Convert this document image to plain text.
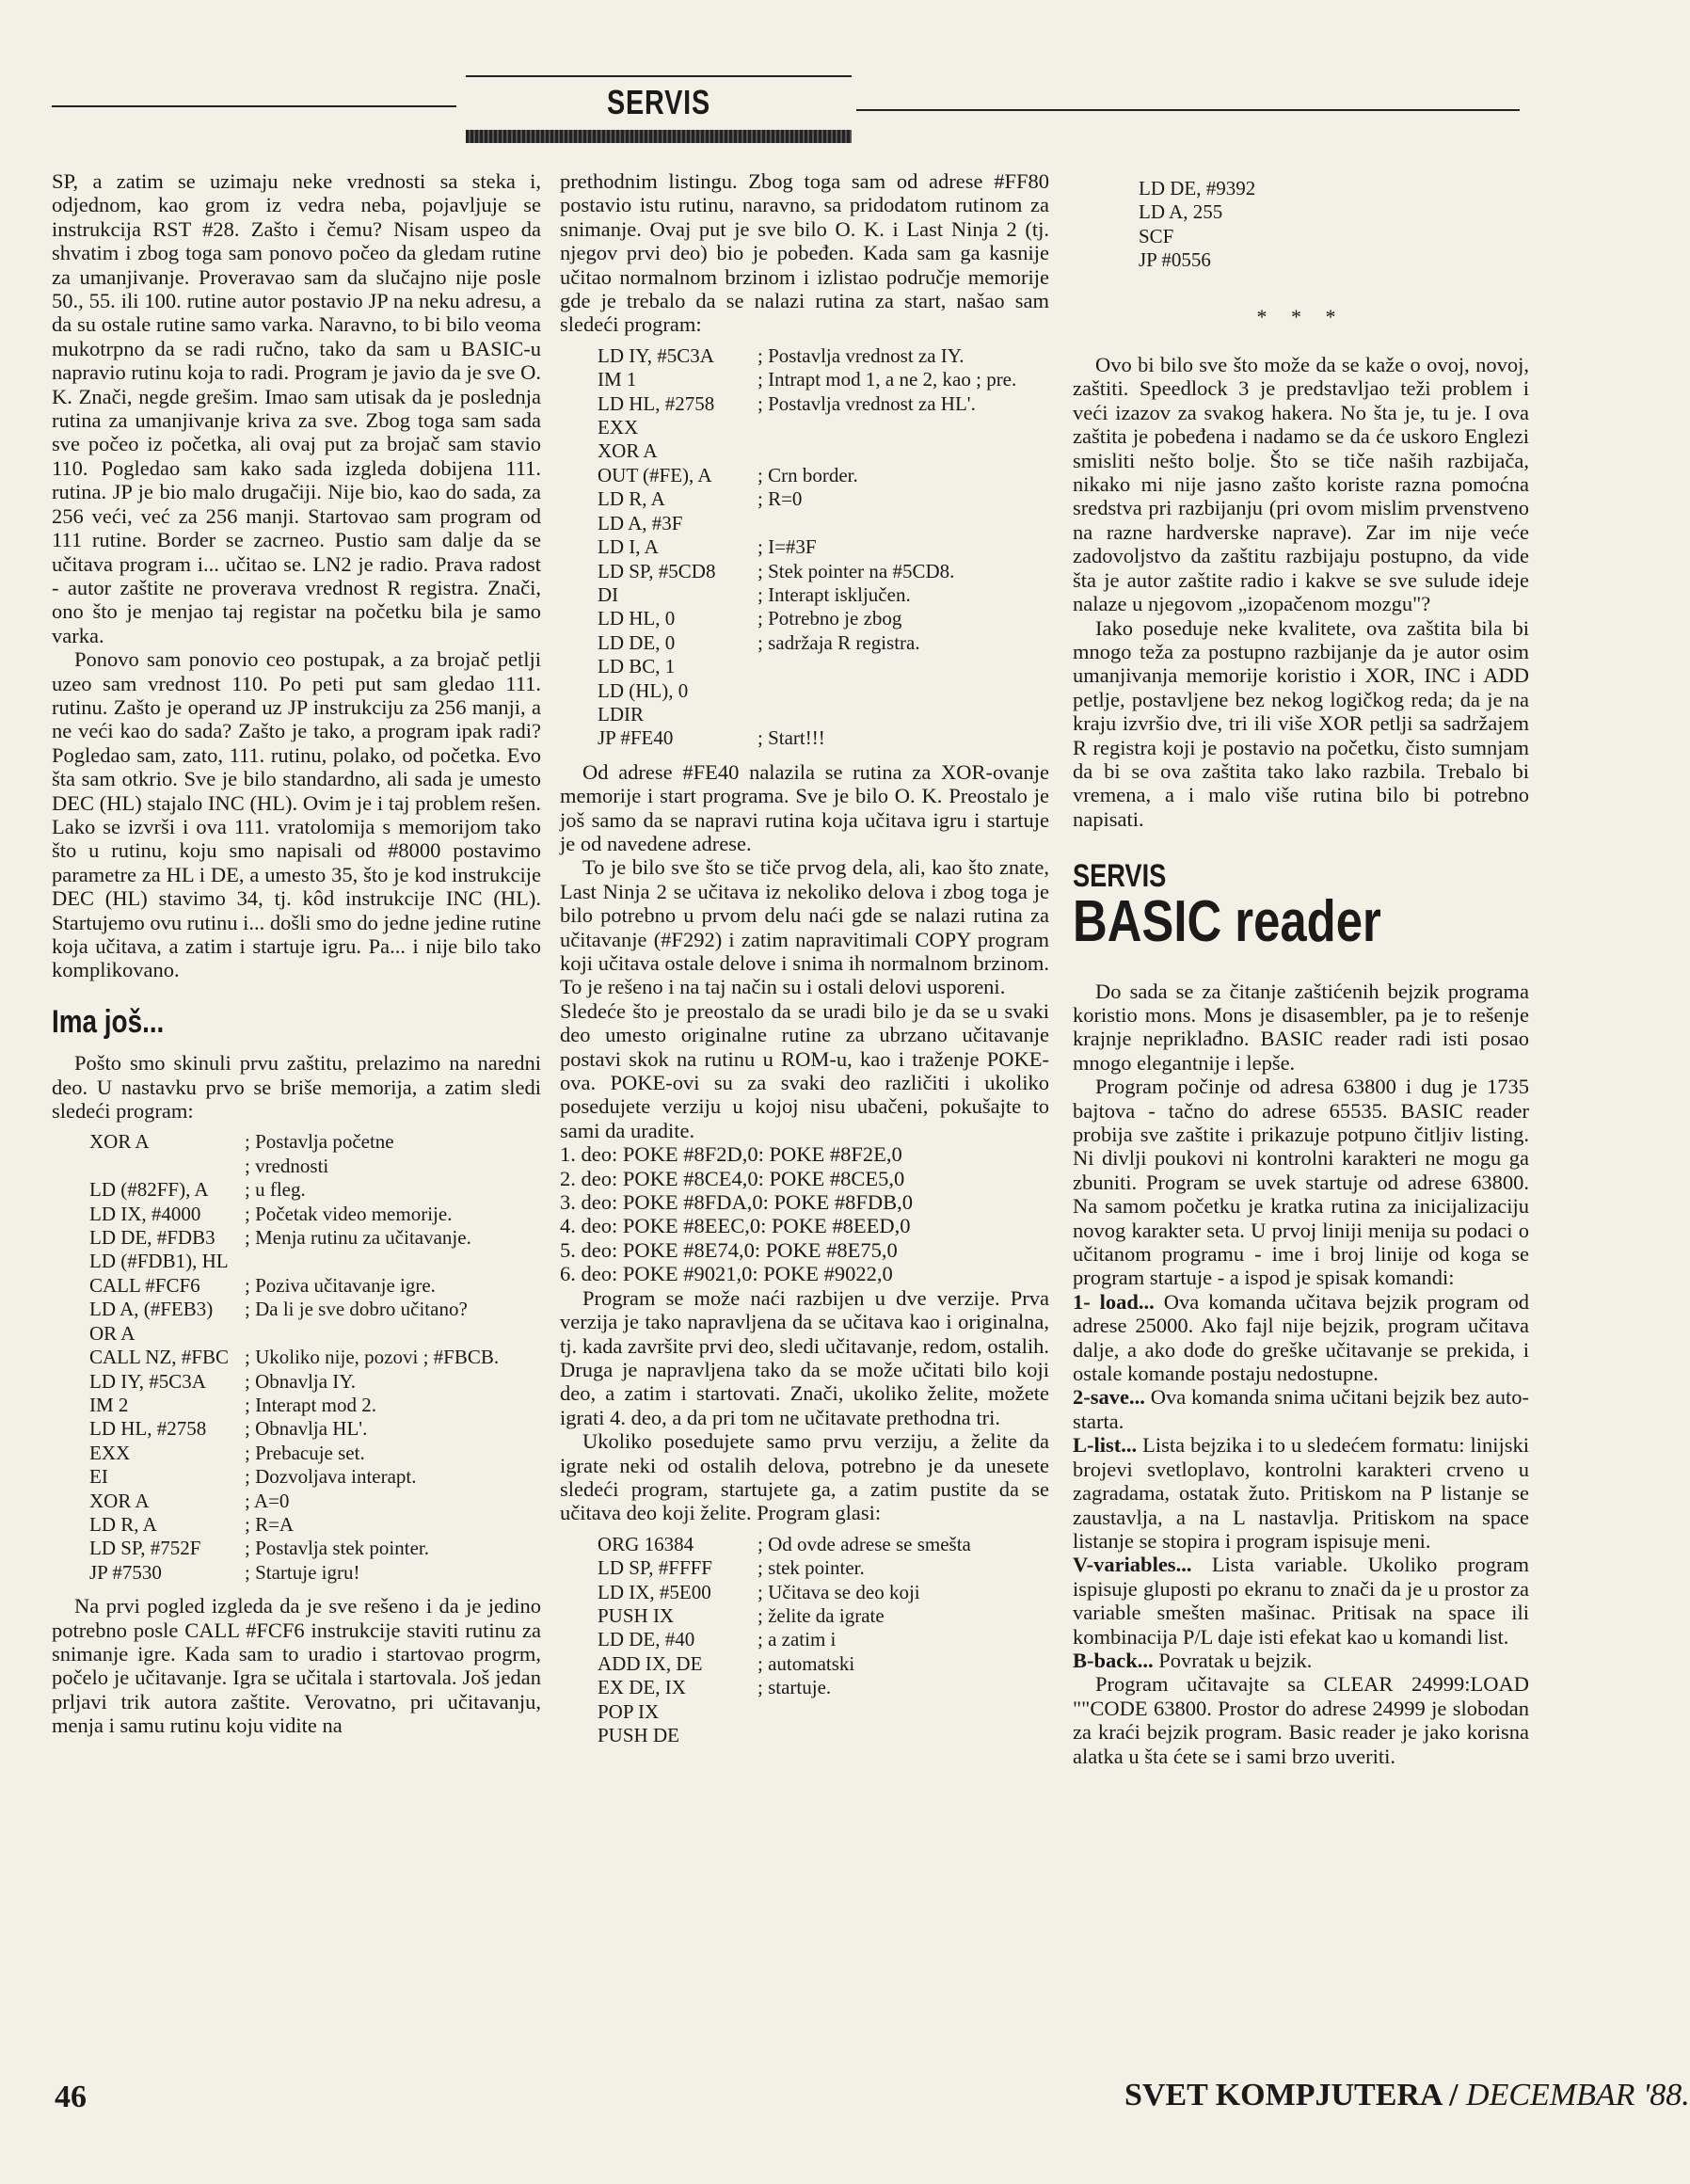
SERVIS

SP, a zatim se uzimaju neke vrednosti sa steka i, odjednom, kao grom iz vedra neba, pojavljuje se instrukcija RST #28. Zašto i čemu? Nisam uspeo da shvatim i zbog toga sam ponovo počeo da gledam rutine za umanjivanje. Proveravao sam da slučajno nije posle 50., 55. ili 100. rutine autor postavio JP na neku adresu, a da su ostale rutine samo varka. Naravno, to bi bilo veoma mukotrpno da se radi ručno, tako da sam u BASIC-u napravio rutinu koja to radi. Program je javio da je sve O. K. Znači, negde grešim. Imao sam utisak da je poslednja rutina za umanjivanje kriva za sve. Zbog toga sam sada sve počeo iz početka, ali ovaj put za brojač sam stavio 110. Pogledao sam kako sada izgleda dobijena 111. rutina. JP je bio malo drugačiji. Nije bio, kao do sada, za 256 veći, već za 256 manji. Startovao sam program od 111 rutine. Border se zacrneo. Pustio sam dalje da se učitava program i... učitao se. LN2 je radio. Prava radost - autor zaštite ne proverava vrednost R registra. Znači, ono što je menjao taj registar na početku bila je samo varka.

Ponovo sam ponovio ceo postupak, a za brojač petlji uzeo sam vrednost 110. Po peti put sam gledao 111. rutinu. Zašto je operand uz JP instrukciju za 256 manji, a ne veći kao do sada? Zašto je tako, a program ipak radi? Pogledao sam, zato, 111. rutinu, polako, od početka. Evo šta sam otkrio. Sve je bilo standardno, ali sada je umesto DEC (HL) stajalo INC (HL). Ovim je i taj problem rešen. Lako se izvrši i ova 111. vratolomija s memorijom tako što u rutinu, koju smo napisali od #8000 postavimo parametre za HL i DE, a umesto 35, što je kod instrukcije DEC (HL) stavimo 34, tj. kôd instrukcije INC (HL). Startujemo ovu rutinu i... došli smo do jedne jedine rutine koja učitava, a zatim i startuje igru. Pa... i nije bilo tako komplikovano.

Ima još...

Pošto smo skinuli prvu zaštitu, prelazimo na naredni deo. U nastavku prvo se briše memorija, a zatim sledi sledeći program:

XOR A	; Postavlja početne
; vrednosti
LD (#82FF), A	; u fleg.
LD IX, #4000	; Početak video memorije.
LD DE, #FDB3	; Menja rutinu za učitavanje.
LD (#FDB1), HL
CALL #FCF6	; Poziva učitavanje igre.
LD A, (#FEB3)	; Da li je sve dobro učitano?
OR A
CALL NZ, #FBC ; Ukoliko nije, pozovi ; #FBCB.
LD IY, #5C3A	; Obnavlja IY.
IM 2	; Interapt mod 2.
LD HL, #2758	; Obnavlja HL'.
EXX	; Prebacuje set.
EI	; Dozvoljava interapt.
XOR A	; A=0
LD R, A	; R=A
LD SP, #752F	; Postavlja stek pointer.
JP #7530	; Startuje igru!

Na prvi pogled izgleda da je sve rešeno i da je jedino potrebno posle CALL #FCF6 instrukcije staviti rutinu za snimanje igre. Kada sam to uradio i startovao progrm, počelo je učitavanje. Igra se učitala i startovala. Još jedan prljavi trik autora zaštite. Verovatno, pri učitavanju, menja i samu rutinu koju vidite na

prethodnim listingu. Zbog toga sam od adrese #FF80 postavio istu rutinu, naravno, sa pridodatom rutinom za snimanje. Ovaj put je sve bilo O. K. i Last Ninja 2 (tj. njegov prvi deo) bio je pobeđen. Kada sam ga kasnije učitao normalnom brzinom i izlistao područje memorije gde je trebalo da se nalazi rutina za start, našao sam sledeći program:

LD IY, #5C3A	; Postavlja vrednost za IY.
IM 1	; Intrapt mod 1, a ne 2, kao ; pre.
LD HL, #2758	; Postavlja vrednost za HL'.
EXX
XOR A
OUT (#FE), A	; Crn border.
LD R, A	; R=0
LD A, #3F
LD I, A	; I=#3F
LD SP, #5CD8	; Stek pointer na #5CD8.
DI	; Interapt isključen.
LD HL, 0	; Potrebno je zbog
LD DE, 0	; sadržaja R registra.
LD BC, 1
LD (HL), 0
LDIR
JP #FE40	; Start!!!

Od adrese #FE40 nalazila se rutina za XOR-ovanje memorije i start programa. Sve je bilo O. K. Preostalo je još samo da se napravi rutina koja učitava igru i startuje je od navedene adrese.

To je bilo sve što se tiče prvog dela, ali, kao što znate, Last Ninja 2 se učitava iz nekoliko delova i zbog toga je bilo potrebno u prvom delu naći gde se nalazi rutina za učitavanje (#F292) i zatim napravitimali COPY program koji učitava ostale delove i snima ih normalnom brzinom. To je rešeno i na taj način su i ostali delovi usporeni.

Sledeće što je preostalo da se uradi bilo je da se u svaki deo umesto originalne rutine za ubrzano učitavanje postavi skok na rutinu u ROM-u, kao i traženje POKE-ova. POKE-ovi su za svaki deo različiti i ukoliko posedujete verziju u kojoj nisu ubačeni, pokušajte to sami da uradite.

1. deo: POKE #8F2D,0: POKE #8F2E,0
2. deo: POKE #8CE4,0: POKE #8CE5,0
3. deo: POKE #8FDA,0: POKE #8FDB,0
4. deo: POKE #8EEC,0: POKE #8EED,0
5. deo: POKE #8E74,0: POKE #8E75,0
6. deo: POKE #9021,0: POKE #9022,0

Program se može naći razbijen u dve verzije. Prva verzija je tako napravljena da se učitava kao i originalna, tj. kada završite prvi deo, sledi učitavanje, redom, ostalih. Druga je napravljena tako da se može učitati bilo koji deo, a zatim i startovati. Znači, ukoliko želite, možete igrati 4. deo, a da pri tom ne učitavate prethodna tri.

Ukoliko posedujete samo prvu verziju, a želite da igrate neki od ostalih delova, potrebno je da unesete sledeći program, startujete ga, a zatim pustite da se učitava deo koji želite. Program glasi:

ORG 16384	; Od ovde adrese se smešta
LD SP, #FFFF	; stek pointer.
LD IX, #5E00	; Učitava se deo koji
PUSH IX	; želite da igrate
LD DE, #40	; a zatim i
ADD IX, DE	; automatski
EX DE, IX	; startuje.
POP IX
PUSH DE
LD DE, #9392
LD A, 255
SCF
JP #0556
* * *

Ovo bi bilo sve što može da se kaže o ovoj, novoj, zaštiti. Speedlock 3 je predstavljao teži problem i veći izazov za svakog hakera. No šta je, tu je. I ova zaštita je pobeđena i nadamo se da će uskoro Englezi smisliti nešto bolje. Što se tiče naših razbijača, nikako mi nije jasno zašto koriste razna pomoćna sredstva pri razbijanju (pri ovom mislim prvenstveno na razne hardverske naprave). Zar im nije veće zadovoljstvo da zaštitu razbijaju postupno, da vide šta je autor zaštite radio i kakve se sve sulude ideje nalaze u njegovom „izopačenom mozgu"?

Iako poseduje neke kvalitete, ova zaštita bila bi mnogo teža za postupno razbijanje da je autor osim umanjivanja memorije koristio i XOR, INC i ADD petlje, postavljene bez nekog logičkog reda; da je na kraju izvršio dve, tri ili više XOR petlji sa sadržajem R registra koji je postavio na početku, čisto sumnjam da bi se ova zaštita tako lako razbila. Trebalo bi vremena, a i malo više rutina bilo bi potrebno napisati.

SERVIS
BASIC reader

Do sada se za čitanje zaštićenih bejzik programa koristio mons. Mons je disasembler, pa je to rešenje krajnje nepriklađno. BASIC reader radi isti posao mnogo elegantnije i lepše.

Program počinje od adresa 63800 i dug je 1735 bajtova - tačno do adrese 65535. BASIC reader probija sve zaštite i prikazuje potpuno čitljiv listing. Ni divlji poukovi ni kontrolni karakteri ne mogu ga zbuniti. Program se uvek startuje od adrese 63800. Na samom početku je kratka rutina za inicijalizaciju novog karakter seta. U prvoj liniji menija su podaci o učitanom programu - ime i broj linije od koga se program startuje - a ispod je spisak komandi:

1- load... Ova komanda učitava bejzik program od adrese 25000. Ako fajl nije bejzik, program učitava dalje, a ako dođe do greške učitavanje se prekida, i ostale komande postaju nedostupne.

2-save... Ova komanda snima učitani bejzik bez auto-starta.

L-list... Lista bejzika i to u sledećem formatu: linijski brojevi svetloplavo, kontrolni karakteri crveno u zagradama, ostatak žuto. Pritiskom na P listanje se zaustavlja, a na L nastavlja. Pritiskom na space listanje se stopira i program ispisuje meni.

V-variables... Lista variable. Ukoliko program ispisuje gluposti po ekranu to znači da je u prostor za variable smešten mašinac. Pritisak na space ili kombinacija P/L daje isti efekat kao u komandi list.

B-back... Povratak u bejzik.

Program učitavajte sa CLEAR 24999:LOAD ""CODE 63800. Prostor do adrese 24999 je slobodan za kraći bejzik program. Basic reader je jako korisna alatka u šta ćete se i sami brzo uveriti.

46	SVET KOMPJUTERA / DECEMBAR '88.
